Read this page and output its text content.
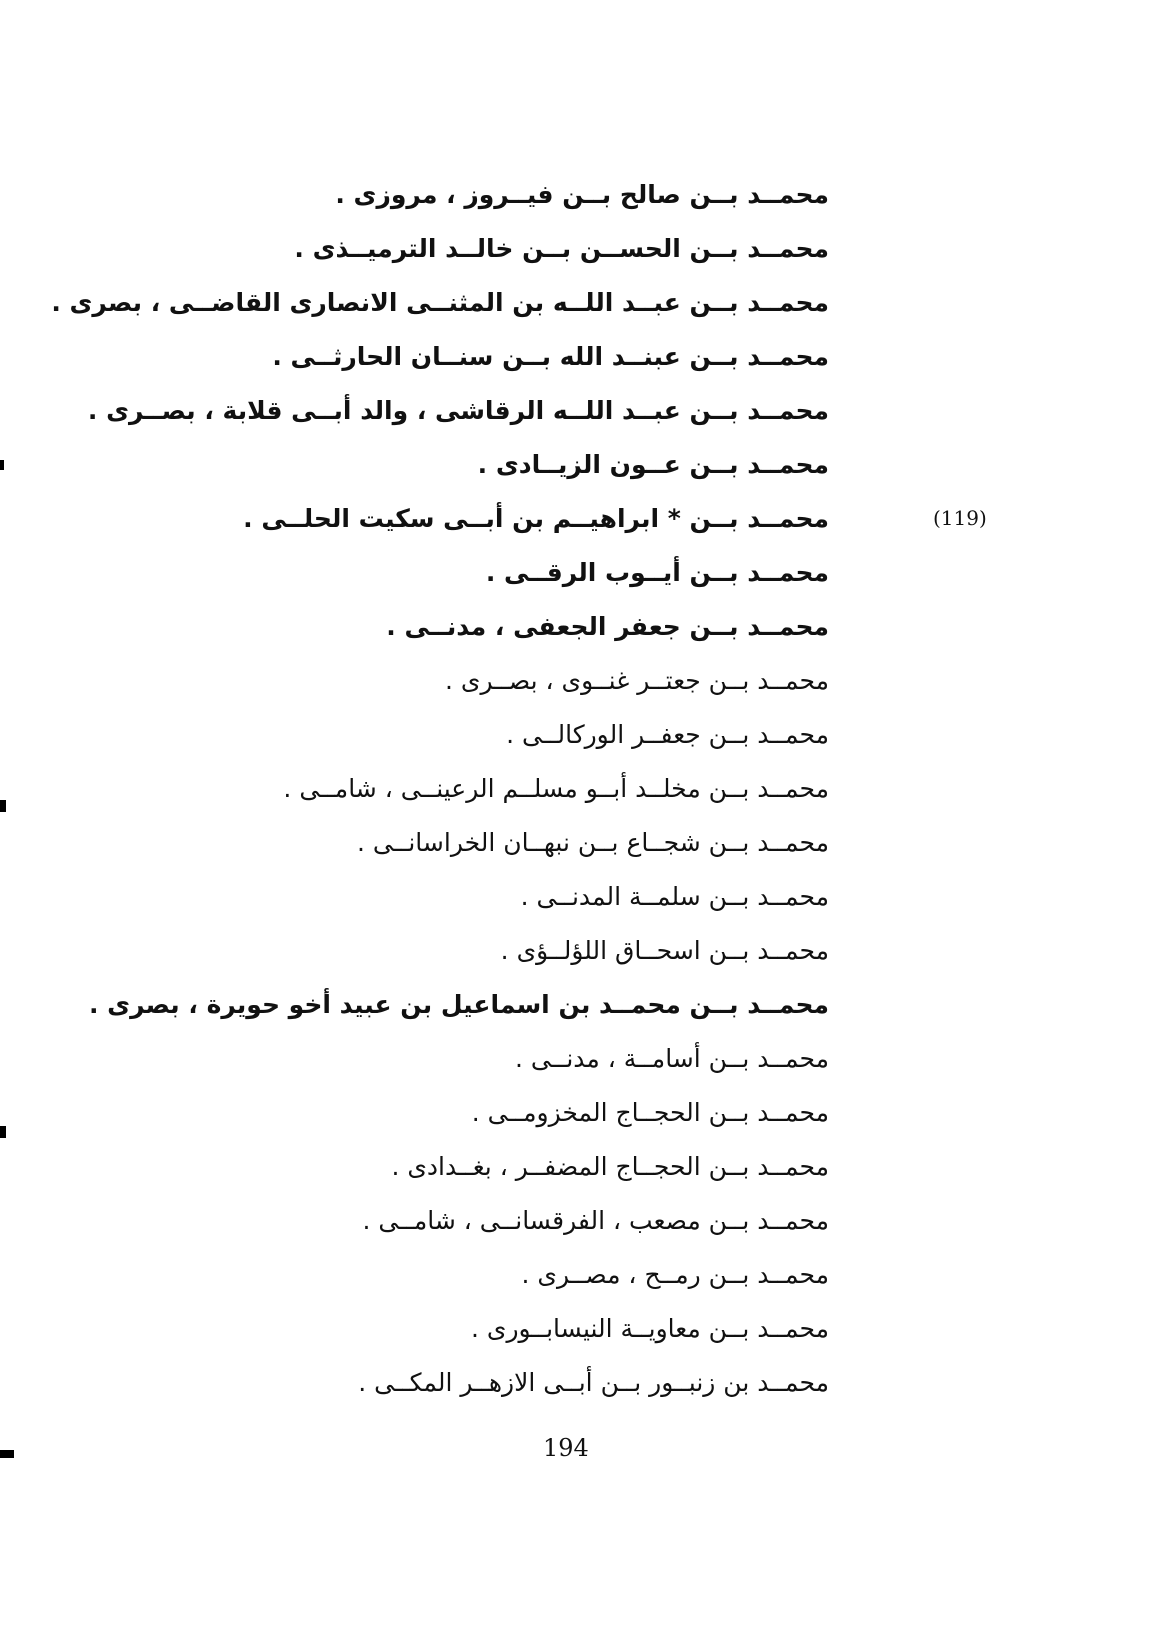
محمــد بــن صالح بــن فيــروز ، مروزى .
محمــد بــن الحســن بــن خالــد الترميــذى .
محمــد بــن عبــد اللــه بن المثنــى الانصارى القاضــى ، بصرى .
محمــد بــن عبنــد الله بــن سنــان الحارثــى .
محمــد بــن عبــد اللــه الرقاشى ، والد أبــى قلابة ، بصــرى .
محمــد بــن عــون الزيــادى .
محمــد بــن * ابراهيــم بن أبــى سكيت الحلــى .
محمــد بــن أيــوب الرقــى .
محمــد بــن جعفر الجعفى ، مدنــى .
محمــد بــن جعتــر غنــوى ، بصــرى .
محمــد بــن جعفــر الوركالــى .
محمــد بــن مخلــد أبــو مسلــم الرعينــى ، شامــى .
محمــد بــن شجــاع بــن نبهــان الخراسانــى .
محمــد بــن سلمــة المدنــى .
محمــد بــن اسحــاق اللؤلــؤى .
محمــد بــن محمــد بن اسماعيل بن عبيد أخو حويرة ، بصرى .
محمــد بــن أسامــة ، مدنــى .
محمــد بــن الحجــاج المخزومــى .
محمــد بــن الحجــاج المضفــر ، بغــدادى .
محمــد بــن مصعب ، الفرقسانــى ، شامــى .
محمــد بــن رمــح ، مصــرى .
محمــد بــن معاويــة النيسابــورى .
محمــد بن زنبــور بــن أبــى الازهــر المكــى .
(119)
194
